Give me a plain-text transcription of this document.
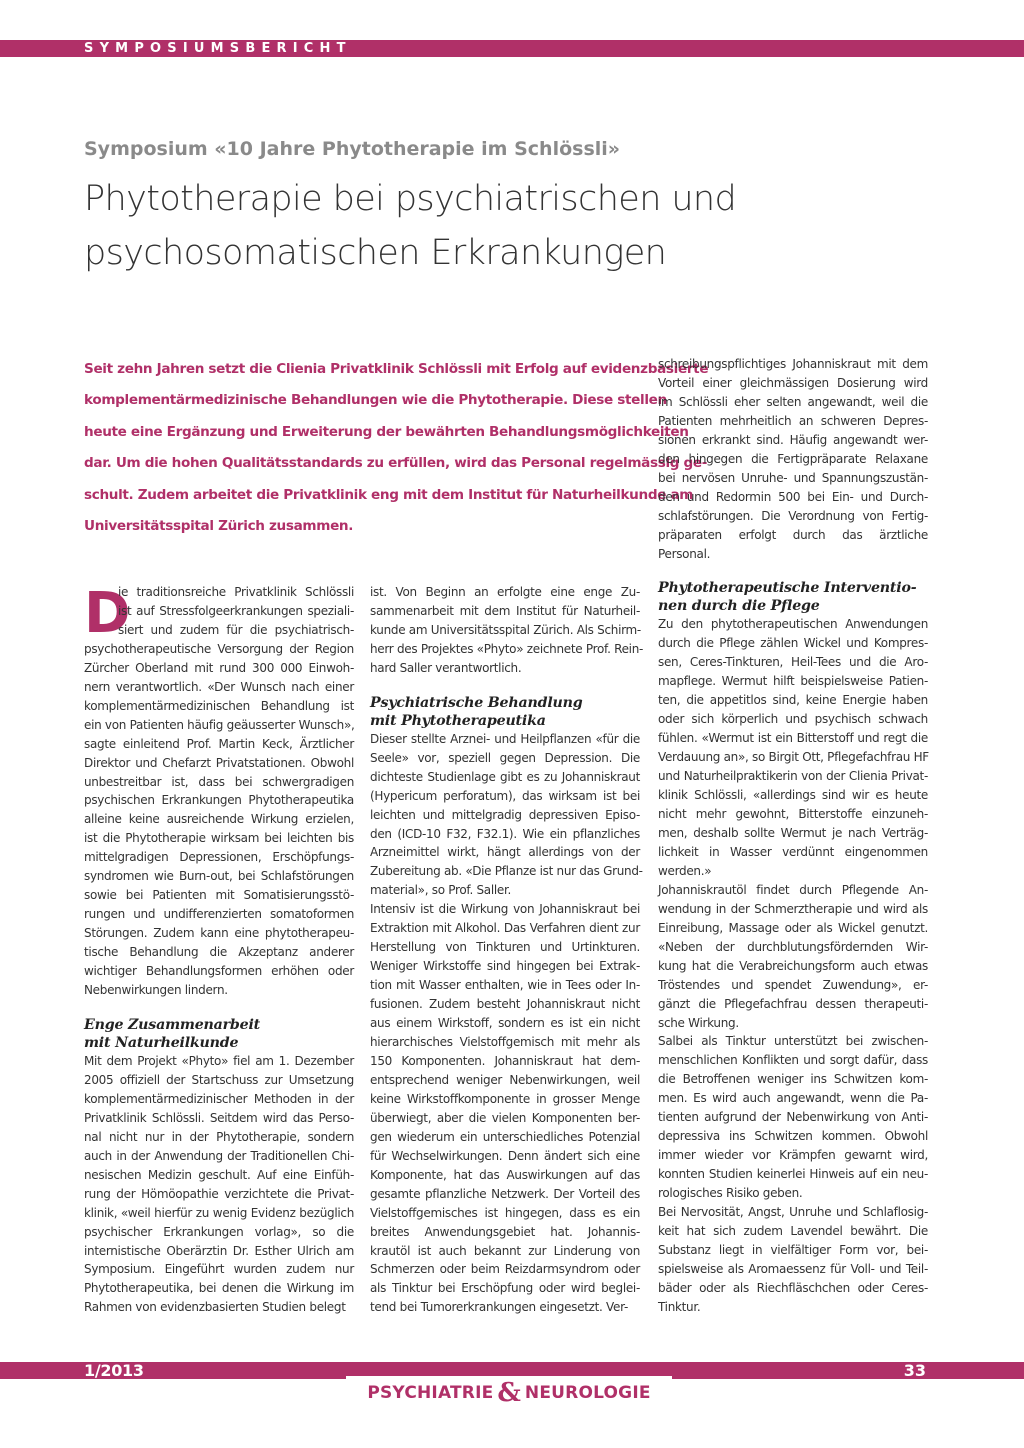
SYMPOSIUMSBERICHT
Symposium «10 Jahre Phytotherapie im Schlössli»
Phytotherapie bei psychiatrischen und
psychosomatischen Erkrankungen

Seit zehn Jahren setzt die Clienia Privatklinik Schlössli mit Erfolg auf evidenzbasierte

komplementärmedizinische Behandlungen wie die Phytotherapie. Diese stellen

heute eine Ergänzung und Erweiterung der bewährten Behandlungsmöglichkeiten

dar. Um die hohen Qualitätsstandards zu erfüllen, wird das Personal regelmässig ge-

schult. Zudem arbeitet die Privatklinik eng mit dem Institut für Naturheilkunde am

Universitätsspital Zürich zusammen.

D
ie traditionsreiche Privatklinik Schlössli
ist auf Stressfolgeerkrankungen speziali-
siert und zudem für die psychiatrisch-
psychotherapeutische Versorgung der Region
Zürcher Oberland mit rund 300 000 Einwoh-
nern verantwortlich. «Der Wunsch nach einer
komplementärmedizinischen Behandlung ist
ein von Patienten häufig geäusserter Wunsch»,
sagte einleitend Prof. Martin Keck, Ärztlicher
Direktor und Chefarzt Privatstationen. Obwohl
unbestreitbar ist, dass bei schwergradigen
psychischen Erkrankungen Phytotherapeutika
alleine keine ausreichende Wirkung erzielen,
ist die Phytotherapie wirksam bei leichten bis
mittelgradigen Depressionen, Erschöpfungs-
syndromen wie Burn-out, bei Schlafstörungen
sowie bei Patienten mit Somatisierungsstö-
rungen und undifferenzierten somatoformen
Störungen. Zudem kann eine phytotherapeu-
tische Behandlung die Akzeptanz anderer
wichtiger Behandlungsformen erhöhen oder
Nebenwirkungen lindern.
Enge Zusammenarbeit
mit Naturheilkunde
Mit dem Projekt «Phyto» fiel am 1. Dezember
2005 offiziell der Startschuss zur Umsetzung
komplementärmedizinischer Methoden in der
Privatklinik Schlössli. Seitdem wird das Perso-
nal nicht nur in der Phytotherapie, sondern
auch in der Anwendung der Traditionellen Chi-
nesischen Medizin geschult. Auf eine Einfüh-
rung der Hömöopathie verzichtete die Privat-
klinik, «weil hierfür zu wenig Evidenz bezüglich
psychischer Erkrankungen vorlag», so die
internistische Oberärztin Dr. Esther Ulrich am
Symposium. Eingeführt wurden zudem nur
Phytotherapeutika, bei denen die Wirkung im
Rahmen von evidenzbasierten Studien belegt
ist. Von Beginn an erfolgte eine enge Zu-
sammenarbeit mit dem Institut für Naturheil-
kunde am Universitätsspital Zürich. Als Schirm-
herr des Projektes «Phyto» zeichnete Prof. Rein-
hard Saller verantwortlich.
Psychiatrische Behandlung
mit Phytotherapeutika
Dieser stellte Arznei- und Heilpflanzen «für die
Seele» vor, speziell gegen Depression. Die
dichteste Studienlage gibt es zu Johanniskraut
(Hypericum perforatum), das wirksam ist bei
leichten und mittelgradig depressiven Episo-
den (ICD-10 F32, F32.1). Wie ein pflanzliches
Arzneimittel wirkt, hängt allerdings von der
Zubereitung ab. «Die Pflanze ist nur das Grund-
material», so Prof. Saller.
Intensiv ist die Wirkung von Johanniskraut bei
Extraktion mit Alkohol. Das Verfahren dient zur
Herstellung von Tinkturen und Urtinkturen.
Weniger Wirkstoffe sind hingegen bei Extrak-
tion mit Wasser enthalten, wie in Tees oder In-
fusionen. Zudem besteht Johanniskraut nicht
aus einem Wirkstoff, sondern es ist ein nicht
hierarchisches Vielstoffgemisch mit mehr als
150 Komponenten. Johanniskraut hat dem-
entsprechend weniger Nebenwirkungen, weil
keine Wirkstoffkomponente in grosser Menge
überwiegt, aber die vielen Komponenten ber-
gen wiederum ein unterschiedliches Potenzial
für Wechselwirkungen. Denn ändert sich eine
Komponente, hat das Auswirkungen auf das
gesamte pflanzliche Netzwerk. Der Vorteil des
Vielstoffgemisches ist hingegen, dass es ein
breites Anwendungsgebiet hat. Johannis-
krautöl ist auch bekannt zur Linderung von
Schmerzen oder beim Reizdarmsyndrom oder
als Tinktur bei Erschöpfung oder wird beglei-
tend bei Tumorerkrankungen eingesetzt. Ver-
schreibungspflichtiges Johanniskraut mit dem
Vorteil einer gleichmässigen Dosierung wird
im Schlössli eher selten angewandt, weil die
Patienten mehrheitlich an schweren Depres-
sionen erkrankt sind. Häufig angewandt wer-
den hingegen die Fertigpräparate Relaxane
bei nervösen Unruhe- und Spannungszustän-
den und Redormin 500 bei Ein- und Durch-
schlafstörungen. Die Verordnung von Fertig-
präparaten erfolgt durch das ärztliche
Personal.
Phytotherapeutische Interventio-
nen durch die Pflege
Zu den phytotherapeutischen Anwendungen
durch die Pflege zählen Wickel und Kompres-
sen, Ceres-Tinkturen, Heil-Tees und die Aro-
mapflege. Wermut hilft beispielsweise Patien-
ten, die appetitlos sind, keine Energie haben
oder sich körperlich und psychisch schwach
fühlen. «Wermut ist ein Bitterstoff und regt die
Verdauung an», so Birgit Ott, Pflegefachfrau HF
und Naturheilpraktikerin von der Clienia Privat-
klinik Schlössli, «allerdings sind wir es heute
nicht mehr gewohnt, Bitterstoffe einzuneh-
men, deshalb sollte Wermut je nach Verträg-
lichkeit in Wasser verdünnt eingenommen
werden.»
Johanniskrautöl findet durch Pflegende An-
wendung in der Schmerztherapie und wird als
Einreibung, Massage oder als Wickel genutzt.
«Neben der durchblutungsfördernden Wir-
kung hat die Verabreichungsform auch etwas
Tröstendes und spendet Zuwendung», er-
gänzt die Pflegefachfrau dessen therapeuti-
sche Wirkung.
Salbei als Tinktur unterstützt bei zwischen-
menschlichen Konflikten und sorgt dafür, dass
die Betroffenen weniger ins Schwitzen kom-
men. Es wird auch angewandt, wenn die Pa-
tienten aufgrund der Nebenwirkung von Anti-
depressiva ins Schwitzen kommen. Obwohl
immer wieder vor Krämpfen gewarnt wird,
konnten Studien keinerlei Hinweis auf ein neu-
rologisches Risiko geben.
Bei Nervosität, Angst, Unruhe und Schlaflosig-
keit hat sich zudem Lavendel bewährt. Die
Substanz liegt in vielfältiger Form vor, bei-
spielsweise als Aromaessenz für Voll- und Teil-
bäder oder als Riechfläschchen oder Ceres-
Tinktur.
1/2013	33
PSYCHIATRIE & NEUROLOGIE
